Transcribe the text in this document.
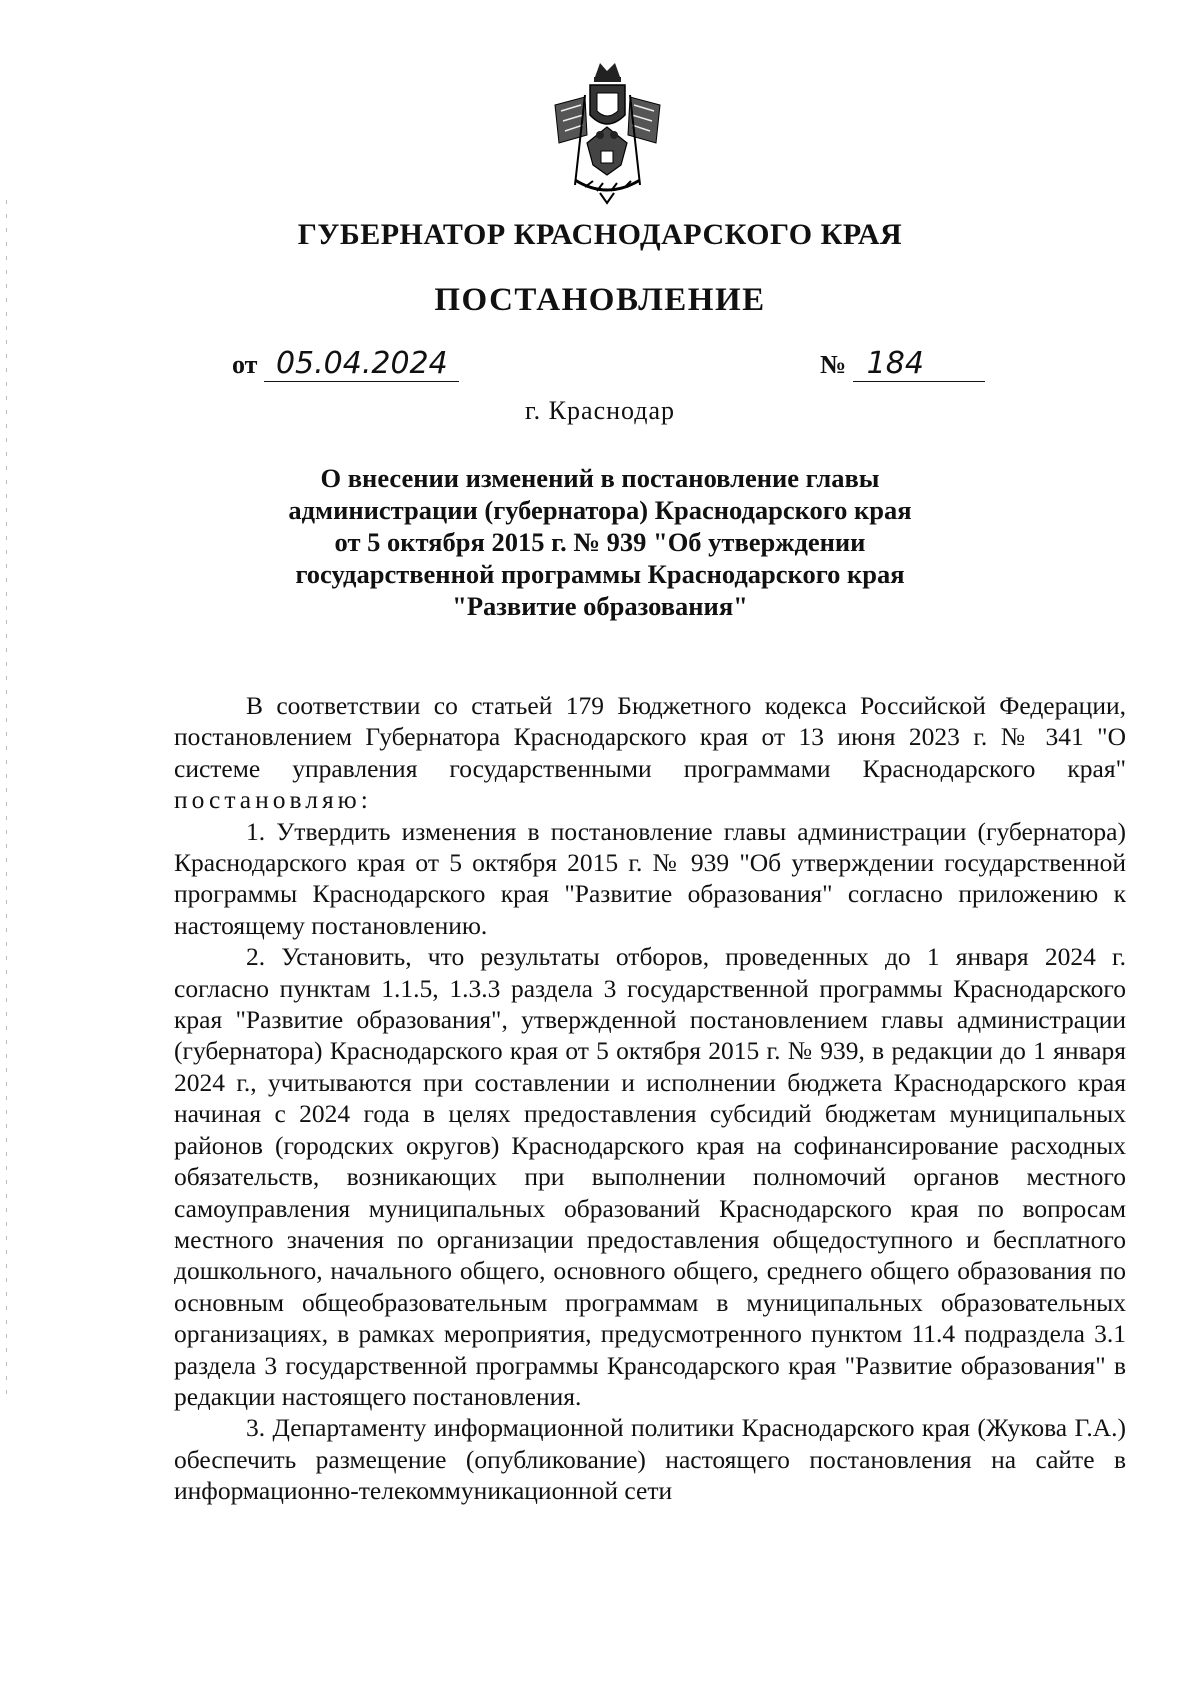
ГУБЕРНАТОР КРАСНОДАРСКОГО КРАЯ
ПОСТАНОВЛЕНИЕ
от 05.04.2024	№ 184
г. Краснодар
О внесении изменений в постановление главы
администрации (губернатора) Краснодарского края
от 5 октября 2015 г. № 939 "Об утверждении
государственной программы Краснодарского края
"Развитие образования"

В соответствии со статьей 179 Бюджетного кодекса Российской Федерации, постановлением Губернатора Краснодарского края от 13 июня 2023 г. № 341 "О системе управления государственными программами Краснодарского края" постановляю:

1. Утвердить изменения в постановление главы администрации (губернатора) Краснодарского края от 5 октября 2015 г. № 939 "Об утверждении государственной программы Краснодарского края "Развитие образования" согласно приложению к настоящему постановлению.

2. Установить, что результаты отборов, проведенных до 1 января 2024 г. согласно пунктам 1.1.5, 1.3.3 раздела 3 государственной программы Краснодарского края "Развитие образования", утвержденной постановлением главы администрации (губернатора) Краснодарского края от 5 октября 2015 г. № 939, в редакции до 1 января 2024 г., учитываются при составлении и исполнении бюджета Краснодарского края начиная с 2024 года в целях предоставления субсидий бюджетам муниципальных районов (городских округов) Краснодарского края на софинансирование расходных обязательств, возникающих при выполнении полномочий органов местного самоуправления муниципальных образований Краснодарского края по вопросам местного значения по организации предоставления общедоступного и бесплатного дошкольного, начального общего, основного общего, среднего общего образования по основным общеобразовательным программам в муниципальных образовательных организациях, в рамках мероприятия, предусмотренного пунктом 11.4 подраздела 3.1 раздела 3 государственной программы Крансодарского края "Развитие образования" в редакции настоящего постановления.

3. Департаменту информационной политики Краснодарского края (Жукова Г.А.) обеспечить размещение (опубликование) настоящего постановления на сайте в информационно-телекоммуникационной сети
